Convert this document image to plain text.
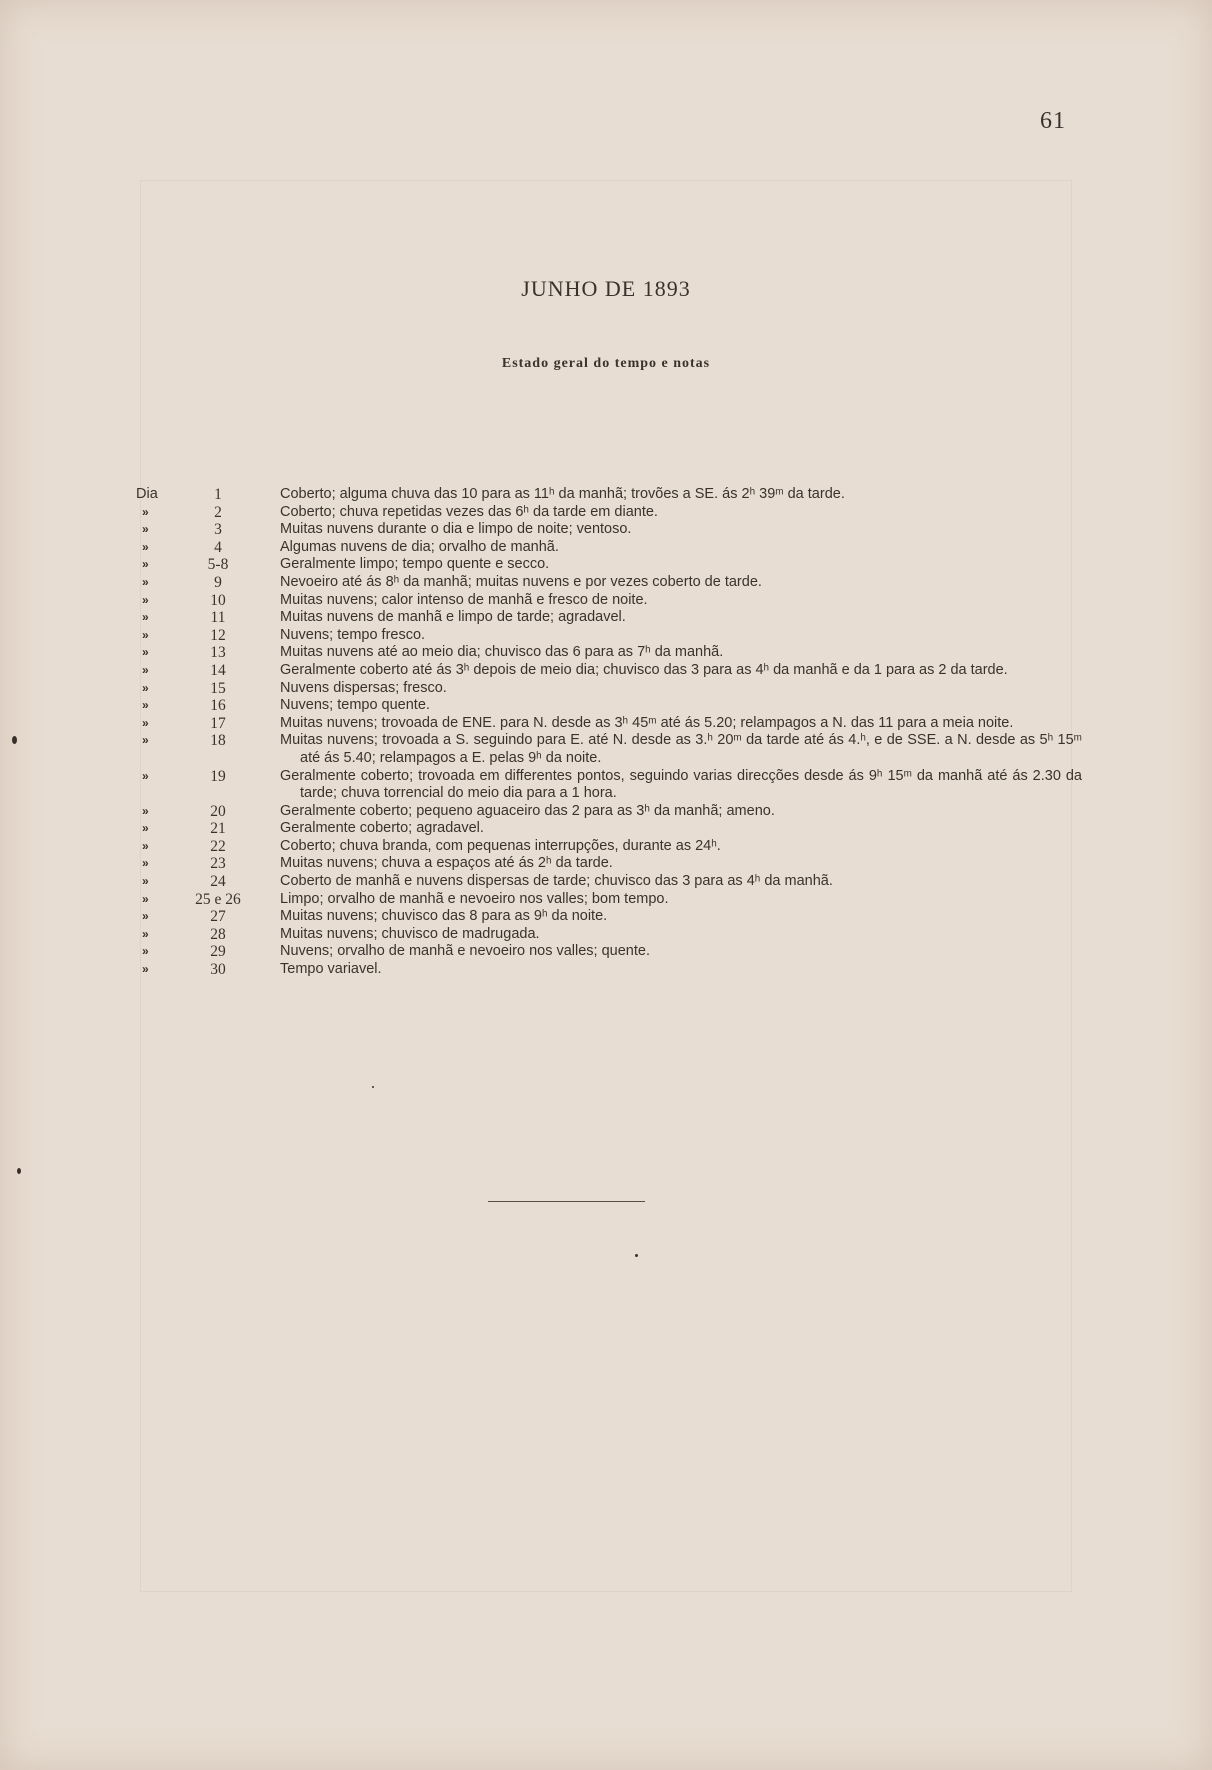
61
JUNHO DE 1893
Estado geral do tempo e notas
Dia	1	Coberto; alguma chuva das 10 para as 11ʰ da manhã; trovões a SE. ás 2ʰ 39ᵐ da tarde.
»	2	Coberto; chuva repetidas vezes das 6ʰ da tarde em diante.
»	3	Muitas nuvens durante o dia e limpo de noite; ventoso.
»	4	Algumas nuvens de dia; orvalho de manhã.
»	5-8	Geralmente limpo; tempo quente e secco.
»	9	Nevoeiro até ás 8ʰ da manhã; muitas nuvens e por vezes coberto de tarde.
»	10	Muitas nuvens; calor intenso de manhã e fresco de noite.
»	11	Muitas nuvens de manhã e limpo de tarde; agradavel.
»	12	Nuvens; tempo fresco.
»	13	Muitas nuvens até ao meio dia; chuvisco das 6 para as 7ʰ da manhã.
»	14	Geralmente coberto até ás 3ʰ depois de meio dia; chuvisco das 3 para as 4ʰ da manhã e da 1 para as 2 da tarde.
»	15	Nuvens dispersas; fresco.
»	16	Nuvens; tempo quente.
»	17	Muitas nuvens; trovoada de ENE. para N. desde as 3ʰ 45ᵐ até ás 5.20; relampagos a N. das 11 para a meia noite.
»	18	Muitas nuvens; trovoada a S. seguindo para E. até N. desde as 3.ʰ 20ᵐ da tarde até ás 4.ʰ, e de SSE. a N. desde as 5ʰ 15ᵐ até ás 5.40; relampagos a E. pelas 9ʰ da noite.
»	19	Geralmente coberto; trovoada em differentes pontos, seguindo varias direcções desde ás 9ʰ 15ᵐ da manhã até ás 2.30 da tarde; chuva torrencial do meio dia para a 1 hora.
»	20	Geralmente coberto; pequeno aguaceiro das 2 para as 3ʰ da manhã; ameno.
»	21	Geralmente coberto; agradavel.
»	22	Coberto; chuva branda, com pequenas interrupções, durante as 24ʰ.
»	23	Muitas nuvens; chuva a espaços até ás 2ʰ da tarde.
»	24	Coberto de manhã e nuvens dispersas de tarde; chuvisco das 3 para as 4ʰ da manhã.
»	25 e 26	Limpo; orvalho de manhã e nevoeiro nos valles; bom tempo.
»	27	Muitas nuvens; chuvisco das 8 para as 9ʰ da noite.
»	28	Muitas nuvens; chuvisco de madrugada.
»	29	Nuvens; orvalho de manhã e nevoeiro nos valles; quente.
»	30	Tempo variavel.
